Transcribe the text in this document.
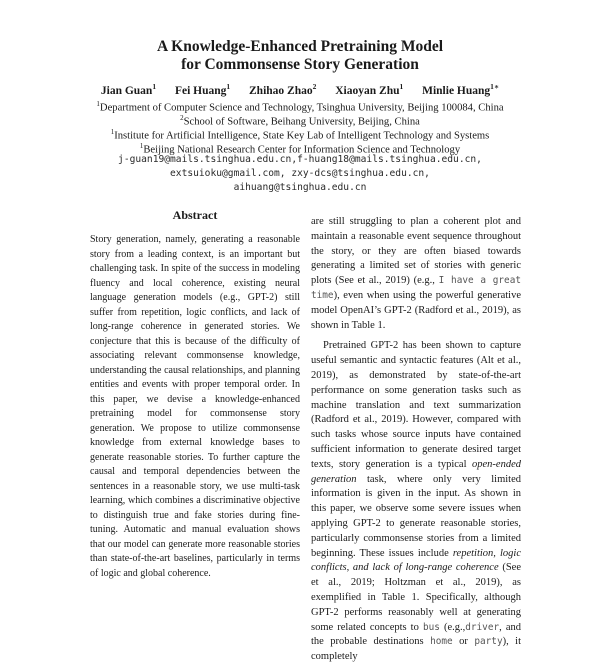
A Knowledge-Enhanced Pretraining Model
for Commonsense Story Generation
Jian Guan$^1$ Fei Huang$^1$ Zhihao Zhao$^2$ Xiaoyan Zhu$^1$ Minlie Huang$^{1∗}$
$^1$Department of Computer Science and Technology, Tsinghua University, Beijing 100084, China
$^2$School of Software, Beihang University, Beijing, China
$^1$Institute for Artificial Intelligence, State Key Lab of Intelligent Technology and Systems
$^1$Beijing National Research Center for Information Science and Technology
j-guan19@mails.tsinghua.edu.cn,f-huang18@mails.tsinghua.edu.cn,
extsuioku@gmail.com, zxy-dcs@tsinghua.edu.cn,
aihuang@tsinghua.edu.cn
Abstract

Story generation, namely, generating a reasonable story from a leading context, is an important but challenging task. In spite of the success in modeling fluency and local coherence, existing neural language generation models (e.g., GPT-2) still suffer from repetition, logic conflicts, and lack of long-range coherence in generated stories. We conjecture that this is because of the difficulty of associating relevant commonsense knowledge, understanding the causal relationships, and planning entities and events with proper temporal order. In this paper, we devise a knowledge-enhanced pretraining model for commonsense story generation. We propose to utilize commonsense knowledge from external knowledge bases to generate reasonable stories. To further capture the causal and temporal dependencies between the sentences in a reasonable story, we use multi-task learning, which combines a discriminative objective to distinguish true and fake stories during fine-tuning. Automatic and manual evaluation shows that our model can generate more reasonable stories than state-of-the-art baselines, particularly in terms of logic and global coherence.

are still struggling to plan a coherent plot and maintain a reasonable event sequence throughout the story, or they are often biased towards generating a limited set of stories with generic plots (See et al., 2019) (e.g., I have a great time), even when using the powerful generative model OpenAI’s GPT-2 (Radford et al., 2019), as shown in Table 1.

Pretrained GPT-2 has been shown to capture useful semantic and syntactic features (Alt et al., 2019), as demonstrated by state-of-the-art performance on some generation tasks such as machine translation and text summarization (Radford et al., 2019). However, compared with such tasks whose source inputs have contained sufficient information to generate desired target texts, story generation is a typical open-ended generation task, where only very limited information is given in the input. As shown in this paper, we observe some severe issues when applying GPT-2 to generate reasonable stories, particularly commonsense stories from a limited beginning. These issues include repetition, logic conflicts, and lack of long-range coherence (See et al., 2019; Holtzman et al., 2019), as exemplified in Table 1. Specifically, although GPT-2 performs reasonably well at generating some related concepts to bus (e.g.,driver, and the probable destinations home or party), it completely
